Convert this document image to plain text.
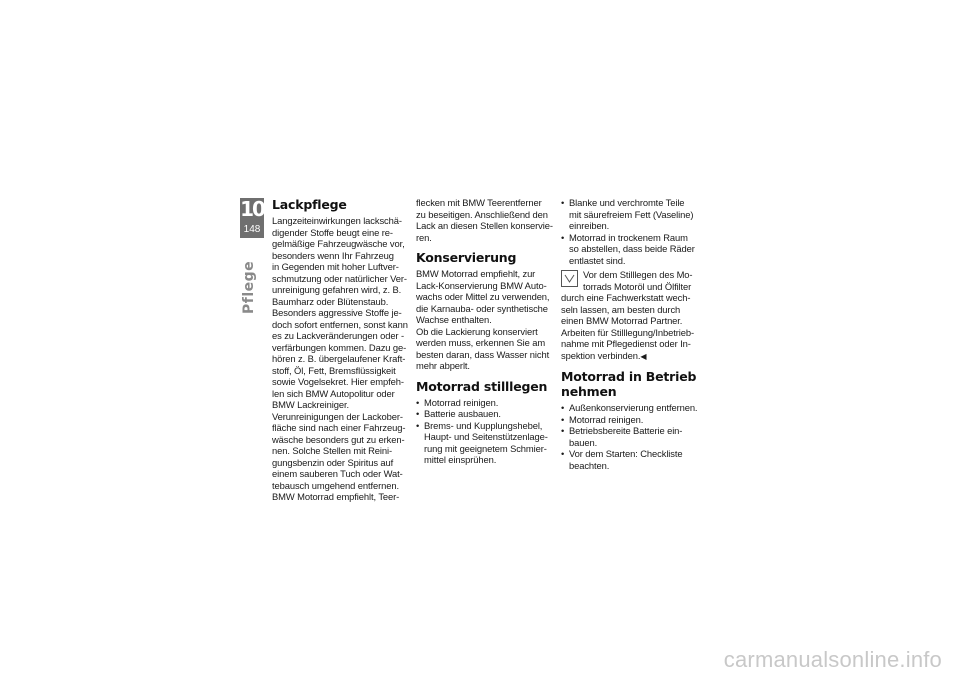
10
148
Pflege
Lackpflege

Langzeiteinwirkungen lackschä-
digender Stoffe beugt eine re-
gelmäßige Fahrzeugwäsche vor,
besonders wenn Ihr Fahrzeug
in Gegenden mit hoher Luftver-
schmutzung oder natürlicher Ver-
unreinigung gefahren wird, z. B.
Baumharz oder Blütenstaub.
Besonders aggressive Stoffe je-
doch sofort entfernen, sonst kann
es zu Lackveränderungen oder -
verfärbungen kommen. Dazu ge-
hören z. B. übergelaufener Kraft-
stoff, Öl, Fett, Bremsflüssigkeit
sowie Vogelsekret. Hier empfeh-
len sich BMW Autopolitur oder
BMW Lackreiniger.
Verunreinigungen der Lackober-
fläche sind nach einer Fahrzeug-
wäsche besonders gut zu erken-
nen. Solche Stellen mit Reini-
gungsbenzin oder Spiritus auf
einem sauberen Tuch oder Wat-
tebausch umgehend entfernen.
BMW Motorrad empfiehlt, Teer-

flecken mit BMW Teerentferner
zu beseitigen. Anschließend den
Lack an diesen Stellen konservie-
ren.

Konservierung

BMW Motorrad empfiehlt, zur
Lack-Konservierung BMW Auto-
wachs oder Mittel zu verwenden,
die Karnauba- oder synthetische
Wachse enthalten.
Ob die Lackierung konserviert
werden muss, erkennen Sie am
besten daran, dass Wasser nicht
mehr abperlt.

Motorrad stilllegen
• Motorrad reinigen.
• Batterie ausbauen.
• Brems- und Kupplungshebel,
Haupt- und Seitenstützenlage-
rung mit geeignetem Schmier-
mittel einsprühen.
• Blanke und verchromte Teile
mit säurefreiem Fett (Vaseline)
einreiben.
• Motorrad in trockenem Raum
so abstellen, dass beide Räder
entlastet sind.
Vor dem Stilllegen des Mo-
torrads Motoröl und Ölfilter
durch eine Fachwerkstatt wech-
seln lassen, am besten durch
einen BMW Motorrad Partner.
Arbeiten für Stilllegung/Inbetrieb-
nahme mit Pflegedienst oder In-
spektion verbinden.◀
Motorrad in Betrieb
nehmen
• Außenkonservierung entfernen.
• Motorrad reinigen.
• Betriebsbereite Batterie ein-
bauen.
• Vor dem Starten: Checkliste
beachten.
carmanualsonline.info
